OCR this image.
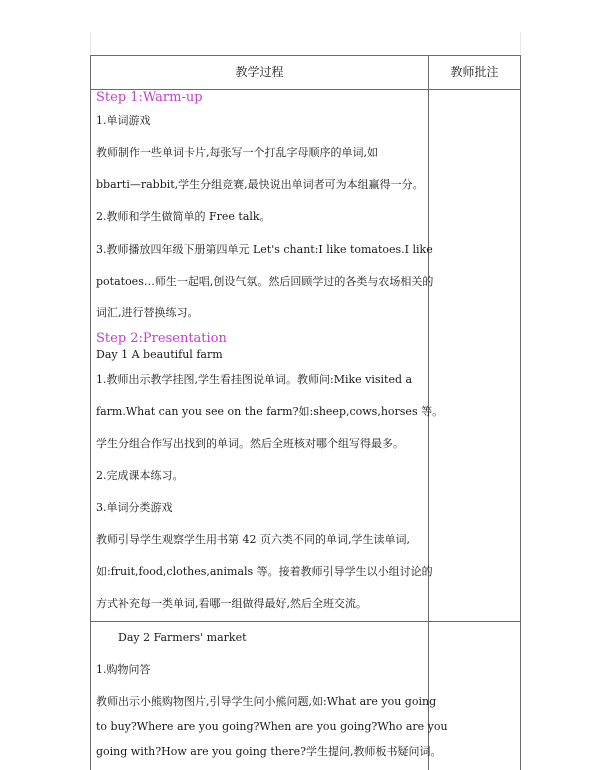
教学过程	教师批注
Step 1:Warm-up
1.单词游戏
教师制作一些单词卡片,每张写一个打乱字母顺序的单词,如
bbarti—rabbit,学生分组竞赛,最快说出单词者可为本组赢得一分。
2.教师和学生做简单的 Free talk。
3.教师播放四年级下册第四单元 Let's chant:I like tomatoes.I like
potatoes…师生一起唱,创设气氛。然后回顾学过的各类与农场相关的
词汇,进行替换练习。
Step 2:Presentation
Day 1 A beautiful farm
1.教师出示教学挂图,学生看挂图说单词。教师问:Mike visited a
farm.What can you see on the farm?如:sheep,cows,horses 等。
学生分组合作写出找到的单词。然后全班核对哪个组写得最多。
2.完成课本练习。
3.单词分类游戏
教师引导学生观察学生用书第 42 页六类不同的单词,学生读单词,
如:fruit,food,clothes,animals 等。接着教师引导学生以小组讨论的
方式补充每一类单词,看哪一组做得最好,然后全班交流。
Day 2 Farmers' market
1.购物问答
教师出示小熊购物图片,引导学生问小熊问题,如:What are you going
to buy?Where are you going?When are you going?Who are you
going with?How are you going there?学生提问,教师板书疑问词。
